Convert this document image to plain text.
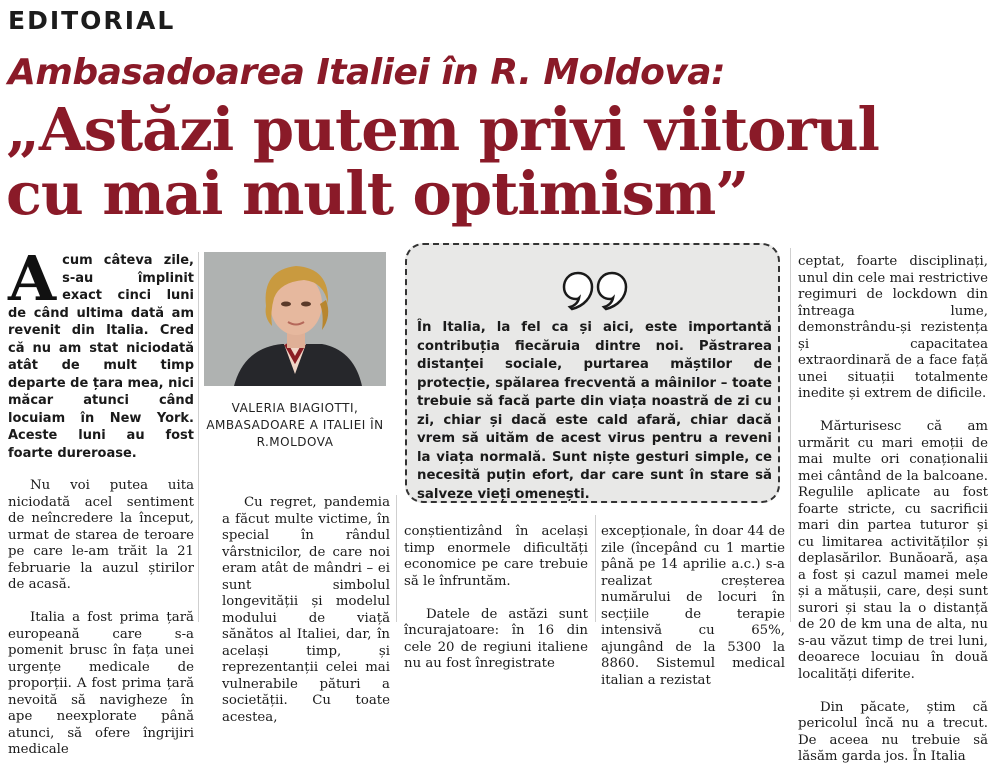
EDITORIAL
Ambasadoarea Italiei în R. Moldova:
„Astăzi putem privi viitorul
cu mai mult optimism”
Acum câteva zile, s-au împlinit exact cinci luni de când ultima dată am revenit din Italia. Cred că nu am stat niciodată atât de mult timp departe de țara mea, nici măcar atunci când locuiam în New York. Aceste luni au fost foarte dureroase.

Nu voi putea uita niciodată acel sentiment de neîncredere la început, urmat de starea de teroare pe care le-am trăit la 21 februarie la auzul știrilor de acasă.

Italia a fost prima țară europeană care s-a pomenit brusc în fața unei urgențe medicale de proporții. A fost prima țară nevoită să navigheze în ape neexplorate până atunci, să ofere îngrijiri medicale

VALERIA BIAGIOTTI, AMBASADOARE A ITALIEI ÎN R.MOLDOVA

Cu regret, pandemia a făcut multe victime, în special în rândul vârstnicilor, de care noi eram atât de mândri – ei sunt simbolul longevității și modelul modului de viață sănătos al Italiei, dar, în același timp, și reprezentanții celei mai vulnerabile pături a societății. Cu toate acestea,

În Italia, la fel ca și aici, este importantă contribuția fiecăruia dintre noi. Păstrarea distanței sociale, purtarea măștilor de protecție, spălarea frecventă a mâinilor – toate trebuie să facă parte din viața noastră de zi cu zi, chiar și dacă este cald afară, chiar dacă vrem să uităm de acest virus pentru a reveni la viața normală. Sunt niște gesturi simple, ce necesită puțin efort, dar care sunt în stare să salveze vieți omenești.

conștientizând în același timp enormele dificultăți economice pe care trebuie să le înfruntăm.

Datele de astăzi sunt încurajatoare: în 16 din cele 20 de regiuni italiene nu au fost înregistrate

excepționale, în doar 44 de zile (începând cu 1 martie până pe 14 aprilie a.c.) s-a realizat creșterea numărului de locuri în secțiile de terapie intensivă cu 65%, ajungând de la 5300 la 8860. Sistemul medical italian a rezistat

ceptat, foarte disciplinați, unul din cele mai restrictive regimuri de lockdown din întreaga lume, demonstrându-și rezistența și capacitatea extraordinară de a face față unei situații totalmente inedite și extrem de dificile.

Mărturisesc că am urmărit cu mari emoții de mai multe ori conaționalii mei cântând de la balcoane. Regulile aplicate au fost foarte stricte, cu sacrificii mari din partea tuturor și cu limitarea activităților și deplasărilor. Bunăoară, așa a fost și cazul mamei mele și a mătușii, care, deși sunt surori și stau la o distanță de 20 de km una de alta, nu s-au văzut timp de trei luni, deoarece locuiau în două localități diferite.

Din păcate, știm că pericolul încă nu a trecut. De aceea nu trebuie să lăsăm garda jos. În Italia
